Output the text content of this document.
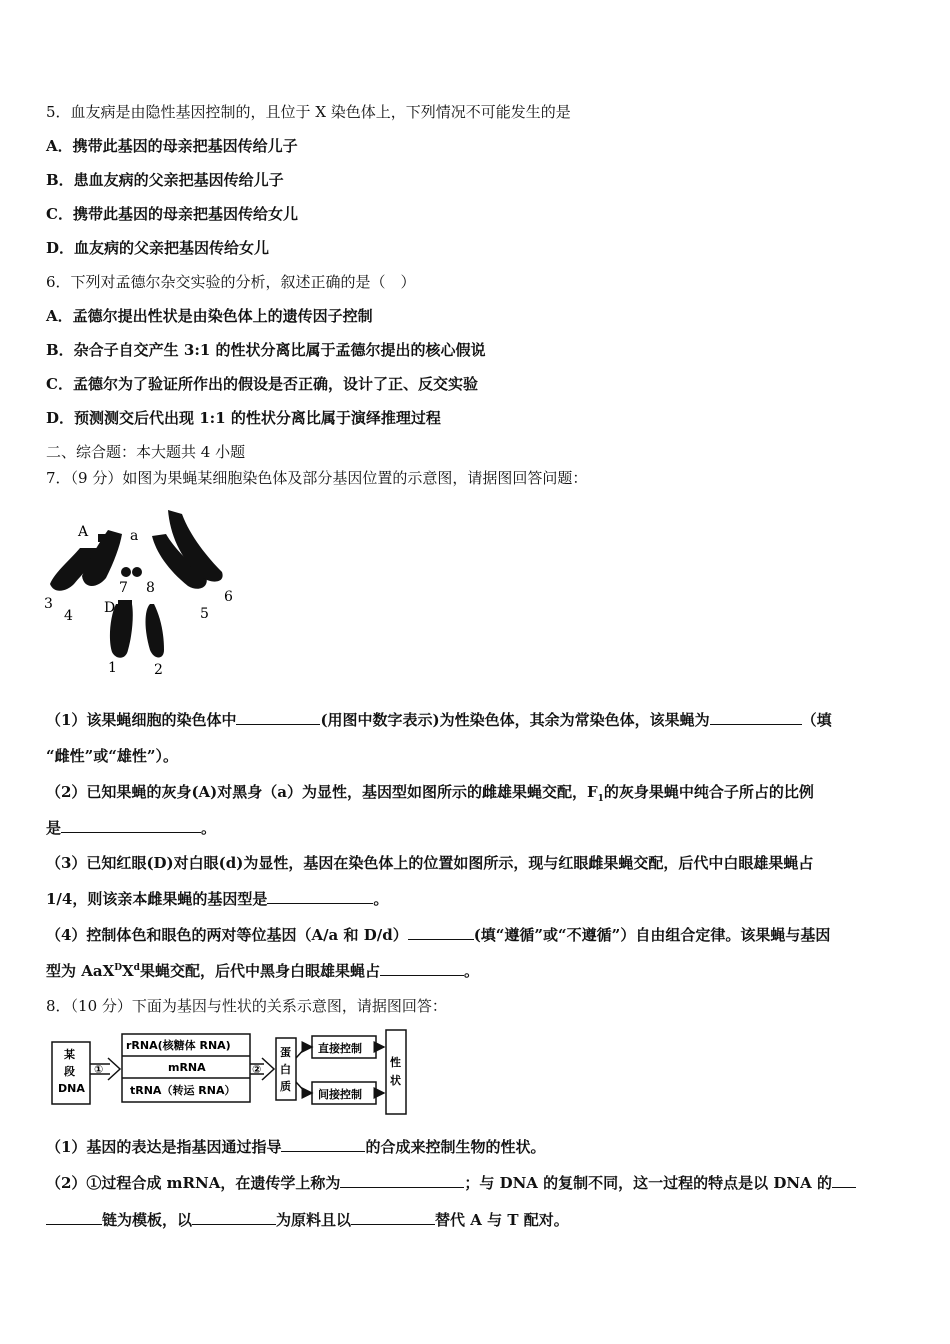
5．血友病是由隐性基因控制的，且位于 X 染色体上，下列情况不可能发生的是
A．携带此基因的母亲把基因传给儿子
B．患血友病的父亲把基因传给儿子
C．携带此基因的母亲把基因传给女儿
D．血友病的父亲把基因传给女儿
6．下列对孟德尔杂交实验的分析，叙述正确的是（　）
A．孟德尔提出性状是由染色体上的遗传因子控制
B．杂合子自交产生 3:1 的性状分离比属于孟德尔提出的核心假说
C．孟德尔为了验证所作出的假设是否正确，设计了正、反交实验
D．预测测交后代出现 1:1 的性状分离比属于演绎推理过程
二、综合题：本大题共 4 小题
7．（9 分）如图为果蝇某细胞染色体及部分基因位置的示意图，请据图回答问题：
A	a
7 8
3
4 D	5
6
1	2
（1）该果蝇细胞的染色体中	(用图中数字表示)为性染色体，其余为常染色体，该果蝇为	（填
“雌性”或“雄性”）。
（2）已知果蝇的灰身(A)对黑身（a）为显性，基因型如图所示的雌雄果蝇交配，$F_1$的灰身果蝇中纯合子所占的比例
是	。
（3）已知红眼(D)对白眼(d)为显性，基因在染色体上的位置如图所示，现与红眼雌果蝇交配，后代中白眼雄果蝇占
1/4，则该亲本雌果蝇的基因型是	。
（4）控制体色和眼色的两对等位基因（A/a 和 D/d）	(填“遵循”或“不遵循”）自由组合定律。该果蝇与基因
型为 $AaX^DX^d$果蝇交配，后代中黑身白眼雄果蝇占	。
8．（10 分）下面为基因与性状的关系示意图，请据图回答：
某
段
DNA
①
rRNA(核糖体 RNA)
mRNA
tRNA（转运 RNA）
②
蛋
白
质
直接控制
间接控制
性
状
（1）基因的表达是指基因通过指导	的合成来控制生物的性状。
（2）①过程合成 mRNA，在遗传学上称为	；与 DNA 的复制不同，这一过程的特点是以 DNA 的
链为模板，以	为原料且以	替代 A 与 T 配对。
